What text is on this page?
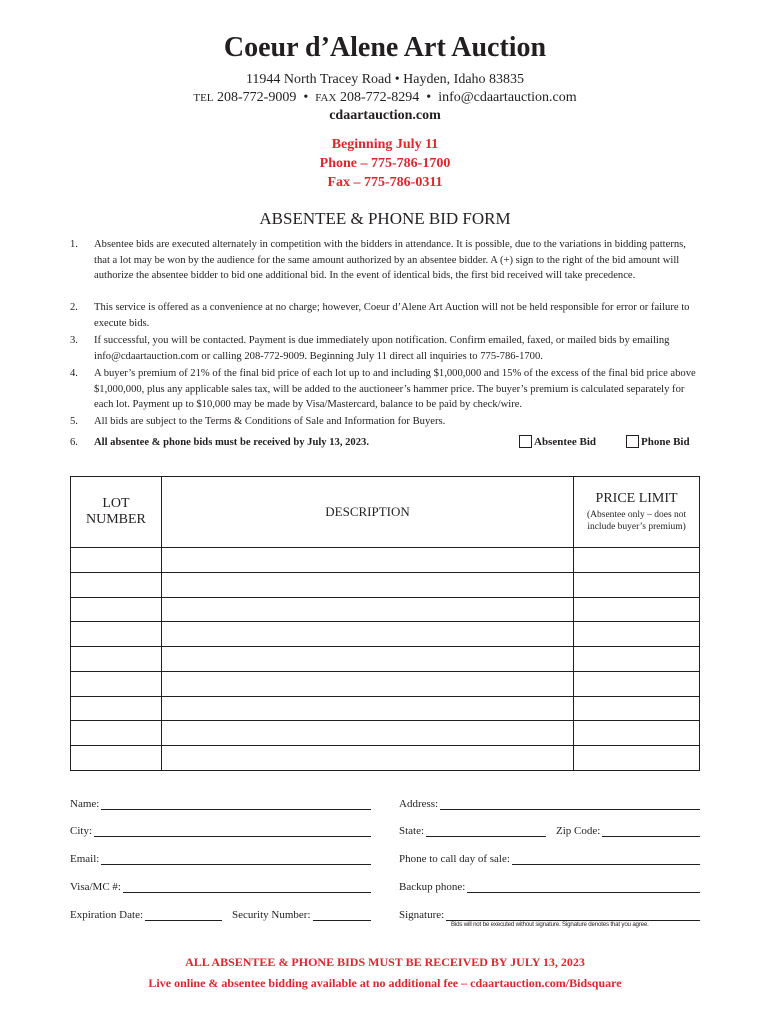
Coeur d’Alene Art Auction
11944 North Tracey Road • Hayden, Idaho 83835
TEL 208-772-9009 • FAX 208-772-8294 • info@cdaartauction.com
cdaartauction.com
Beginning July 11
Phone – 775-786-1700
Fax – 775-786-0311
ABSENTEE & PHONE BID FORM
1. Absentee bids are executed alternately in competition with the bidders in attendance. It is possible, due to the variations in bidding patterns, that a lot may be won by the audience for the same amount authorized by an absentee bidder. A (+) sign to the right of the bid amount will authorize the absentee bidder to bid one additional bid. In the event of identical bids, the first bid received will take precedence.
2. This service is offered as a convenience at no charge; however, Coeur d’Alene Art Auction will not be held responsible for error or failure to execute bids.
3. If successful, you will be contacted. Payment is due immediately upon notification. Confirm emailed, faxed, or mailed bids by emailing info@cdaartauction.com or calling 208-772-9009. Beginning July 11 direct all inquiries to 775-786-1700.
4. A buyer’s premium of 21% of the final bid price of each lot up to and including $1,000,000 and 15% of the excess of the final bid price above $1,000,000, plus any applicable sales tax, will be added to the auctioneer’s hammer price. The buyer’s premium is calculated separately for each lot. Payment up to $10,000 may be made by Visa/Mastercard, balance to be paid by check/wire.
5. All bids are subject to the Terms & Conditions of Sale and Information for Buyers.
6. All absentee & phone bids must be received by July 13, 2023.	Absentee Bid	Phone Bid
LOT NUMBER	DESCRIPTION	PRICE LIMIT
(Absentee only – does not include buyer’s premium)

Name:	Address:
City:	State:	Zip Code:
Email:	Phone to call day of sale:
Visa/MC #:	Backup phone:
Expiration Date:	Security Number:	Signature:
Bids will not be executed without signature. Signature denotes that you agree.
ALL ABSENTEE & PHONE BIDS MUST BE RECEIVED BY JULY 13, 2023
Live online & absentee bidding available at no additional fee – cdaartauction.com/Bidsquare
